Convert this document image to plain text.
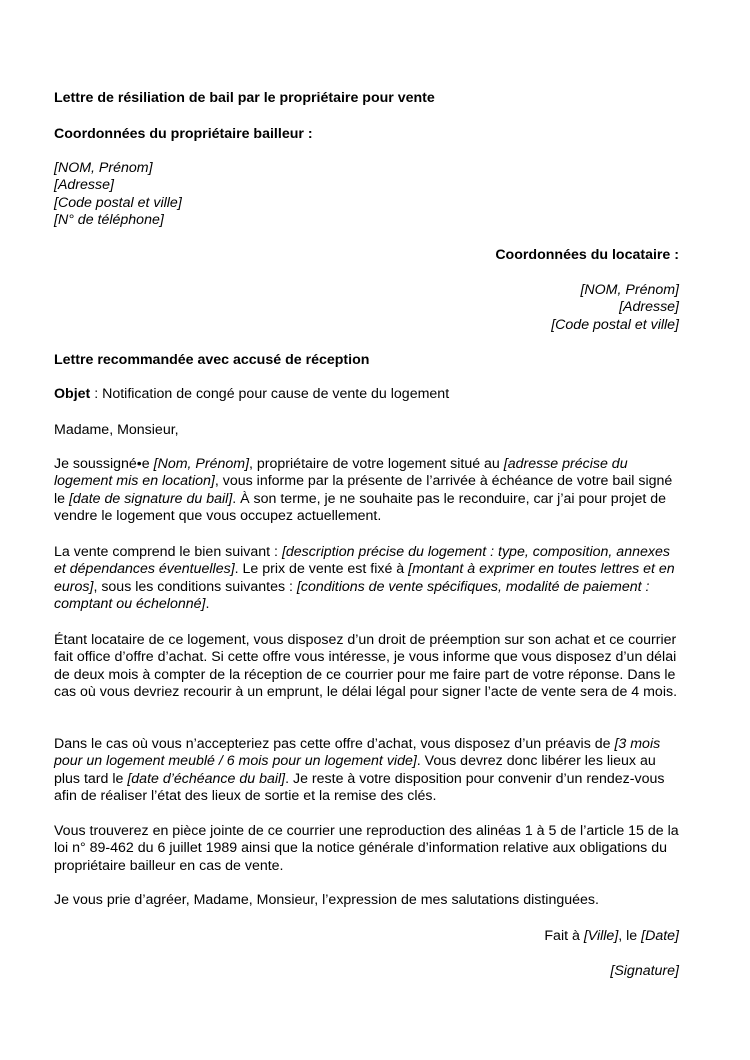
Lettre de résiliation de bail par le propriétaire pour vente
Coordonnées du propriétaire bailleur :
[NOM, Prénom]
[Adresse]
[Code postal et ville]
[N° de téléphone]
Coordonnées du locataire :
[NOM, Prénom]
[Adresse]
[Code postal et ville]
Lettre recommandée avec accusé de réception
Objet : Notification de congé pour cause de vente du logement
Madame, Monsieur,

Je soussigné•e [Nom, Prénom], propriétaire de votre logement situé au [adresse précise du logement mis en location], vous informe par la présente de l’arrivée à échéance de votre bail signé le [date de signature du bail]. À son terme, je ne souhaite pas le reconduire, car j’ai pour projet de vendre le logement que vous occupez actuellement.

La vente comprend le bien suivant : [description précise du logement : type, composition, annexes et dépendances éventuelles]. Le prix de vente est fixé à [montant à exprimer en toutes lettres et en euros], sous les conditions suivantes : [conditions de vente spécifiques, modalité de paiement : comptant ou échelonné].

Étant locataire de ce logement, vous disposez d’un droit de préemption sur son achat et ce courrier fait office d’offre d’achat. Si cette offre vous intéresse, je vous informe que vous disposez d’un délai de deux mois à compter de la réception de ce courrier pour me faire part de votre réponse. Dans le cas où vous devriez recourir à un emprunt, le délai légal pour signer l’acte de vente sera de 4 mois.

Dans le cas où vous n’accepteriez pas cette offre d’achat, vous disposez d’un préavis de [3 mois pour un logement meublé / 6 mois pour un logement vide]. Vous devrez donc libérer les lieux au plus tard le [date d’échéance du bail]. Je reste à votre disposition pour convenir d’un rendez-vous afin de réaliser l’état des lieux de sortie et la remise des clés.

Vous trouverez en pièce jointe de ce courrier une reproduction des alinéas 1 à 5 de l’article 15 de la loi n° 89-462 du 6 juillet 1989 ainsi que la notice générale d’information relative aux obligations du propriétaire bailleur en cas de vente.

Je vous prie d’agréer, Madame, Monsieur, l’expression de mes salutations distinguées.
Fait à [Ville], le [Date]
[Signature]
